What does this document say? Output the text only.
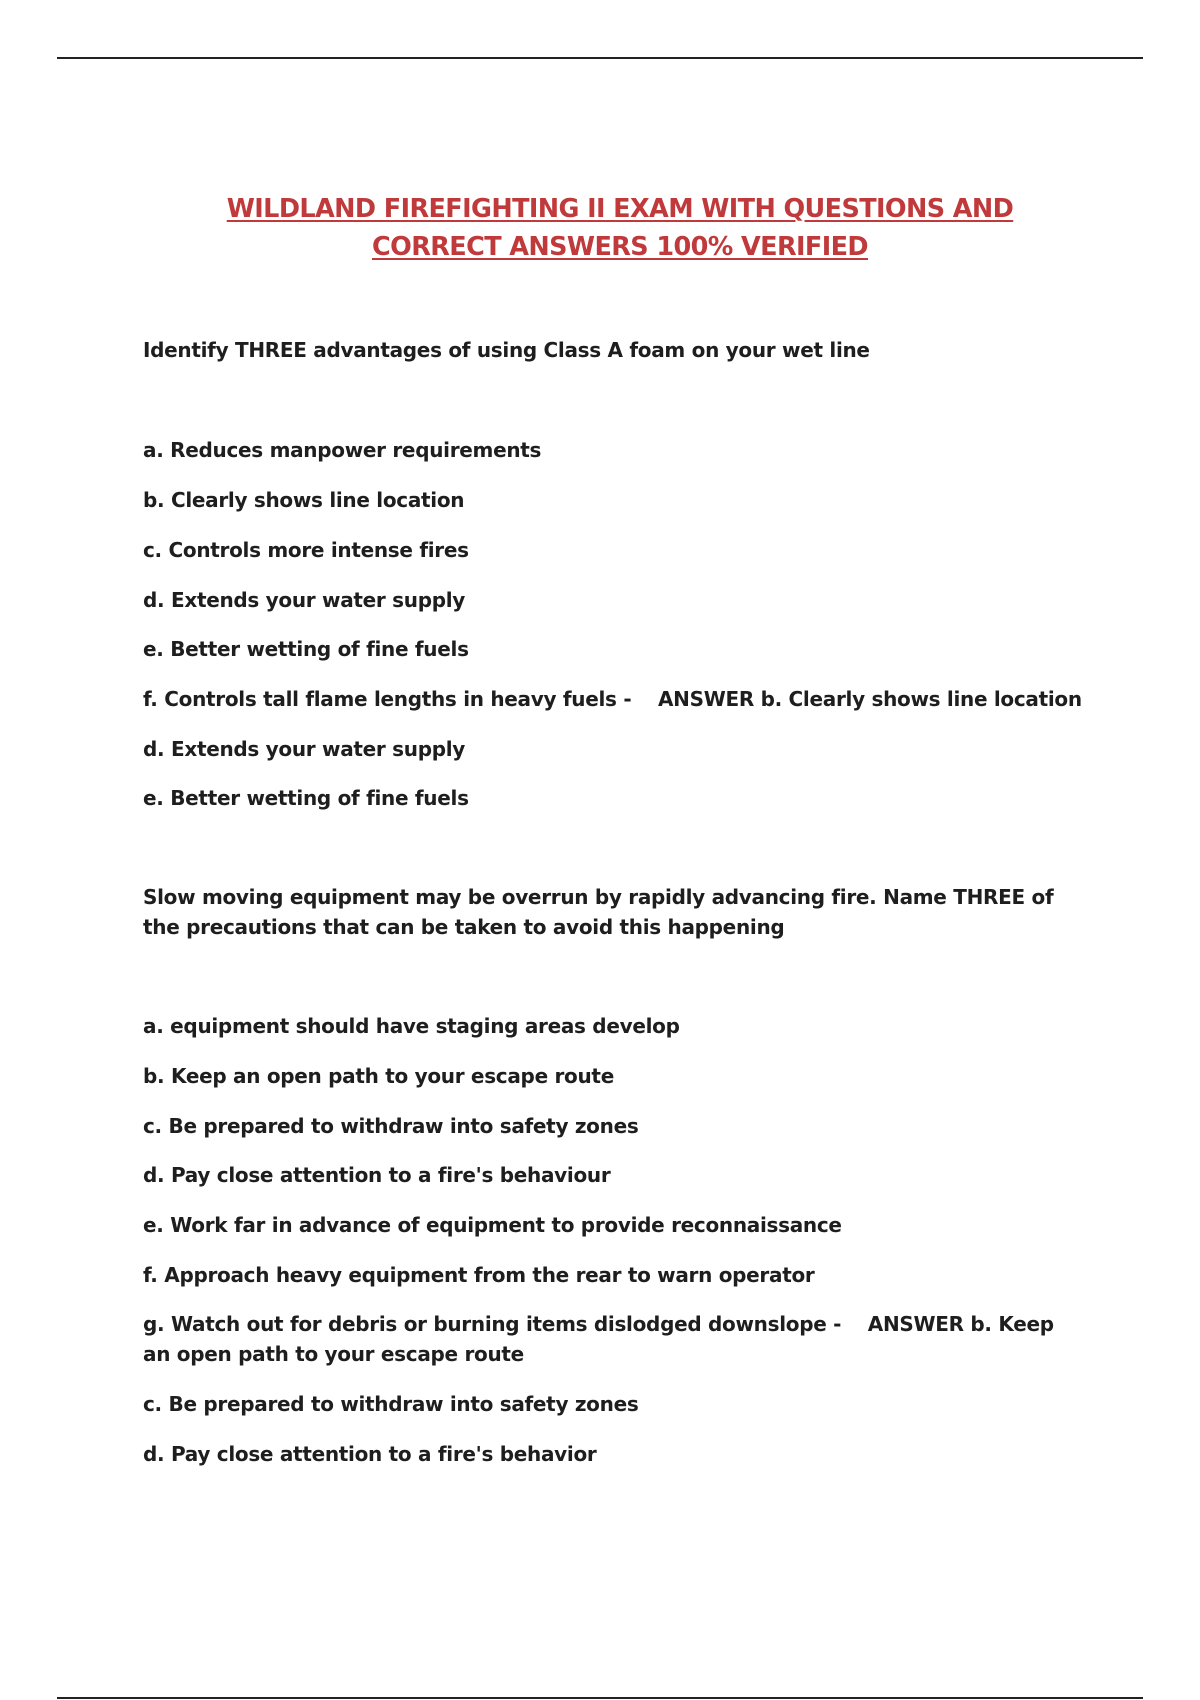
WILDLAND FIREFIGHTING II EXAM WITH QUESTIONS AND
CORRECT ANSWERS 100% VERIFIED
Identify THREE advantages of using Class A foam on your wet line
a. Reduces manpower requirements
b. Clearly shows line location
c. Controls more intense fires
d. Extends your water supply
e. Better wetting of fine fuels
f. Controls tall flame lengths in heavy fuels -    ANSWER b. Clearly shows line location
d. Extends your water supply
e. Better wetting of fine fuels
Slow moving equipment may be overrun by rapidly advancing fire. Name THREE of the precautions that can be taken to avoid this happening
a. equipment should have staging areas develop
b. Keep an open path to your escape route
c. Be prepared to withdraw into safety zones
d. Pay close attention to a fire's behaviour
e. Work far in advance of equipment to provide reconnaissance
f. Approach heavy equipment from the rear to warn operator
g. Watch out for debris or burning items dislodged downslope -    ANSWER b. Keep an open path to your escape route
c. Be prepared to withdraw into safety zones
d. Pay close attention to a fire's behavior
